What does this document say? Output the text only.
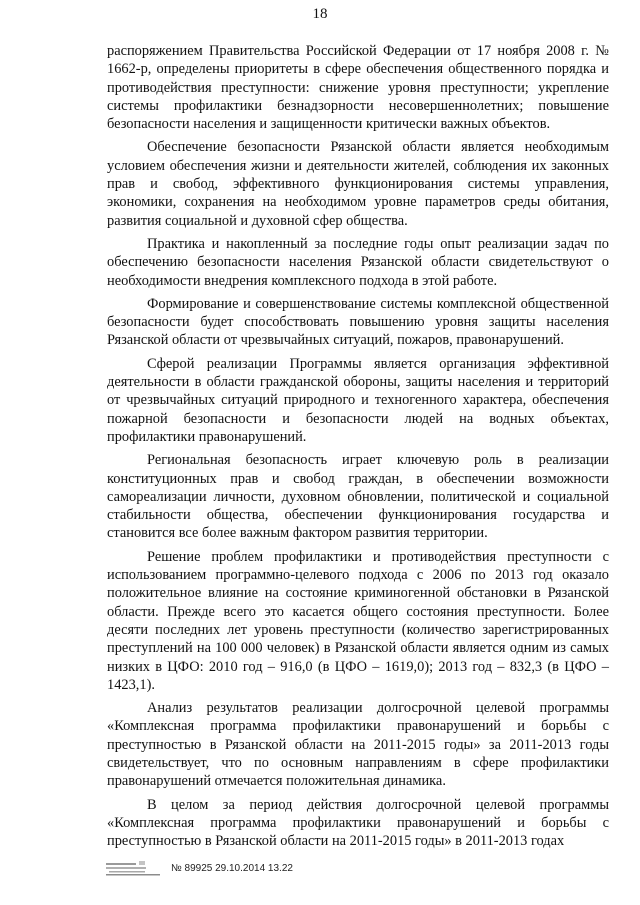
18

распоряжением Правительства Российской Федерации от 17 ноября 2008 г. № 1662-р, определены приоритеты в сфере обеспечения общественного порядка и противодействия преступности: снижение уровня преступности; укрепление системы профилактики безнадзорности несовершеннолетних; повышение безопасности населения и защищенности критически важных объектов.

Обеспечение безопасности Рязанской области является необходимым условием обеспечения жизни и деятельности жителей, соблюдения их законных прав и свобод, эффективного функционирования системы управления, экономики, сохранения на необходимом уровне параметров среды обитания, развития социальной и духовной сфер общества.

Практика и накопленный за последние годы опыт реализации задач по обеспечению безопасности населения Рязанской области свидетельствуют о необходимости внедрения комплексного подхода в этой работе.

Формирование и совершенствование системы комплексной общественной безопасности будет способствовать повышению уровня защиты населения Рязанской области от чрезвычайных ситуаций, пожаров, правонарушений.

Сферой реализации Программы является организация эффективной деятельности в области гражданской обороны, защиты населения и территорий от чрезвычайных ситуаций природного и техногенного характера, обеспечения пожарной безопасности и безопасности людей на водных объектах, профилактики правонарушений.

Региональная безопасность играет ключевую роль в реализации конституционных прав и свобод граждан, в обеспечении возможности самореализации личности, духовном обновлении, политической и социальной стабильности общества, обеспечении функционирования государства и становится все более важным фактором развития территории.

Решение проблем профилактики и противодействия преступности с использованием программно-целевого подхода с 2006 по 2013 год оказало положительное влияние на состояние криминогенной обстановки в Рязанской области. Прежде всего это касается общего состояния преступности. Более десяти последних лет уровень преступности (количество зарегистрированных преступлений на 100 000 человек) в Рязанской области является одним из самых низких в ЦФО: 2010 год – 916,0 (в ЦФО – 1619,0); 2013 год – 832,3 (в ЦФО – 1423,1).

Анализ результатов реализации долгосрочной целевой программы «Комплексная программа профилактики правонарушений и борьбы с преступностью в Рязанской области на 2011-2015 годы» за 2011-2013 годы свидетельствует, что по основным направлениям в сфере профилактики правонарушений отмечается положительная динамика.

В целом за период действия долгосрочной целевой программы «Комплексная программа профилактики правонарушений и борьбы с преступностью в Рязанской области на 2011-2015 годы» в 2011-2013 годах

№ 89925 29.10.2014 13.22
